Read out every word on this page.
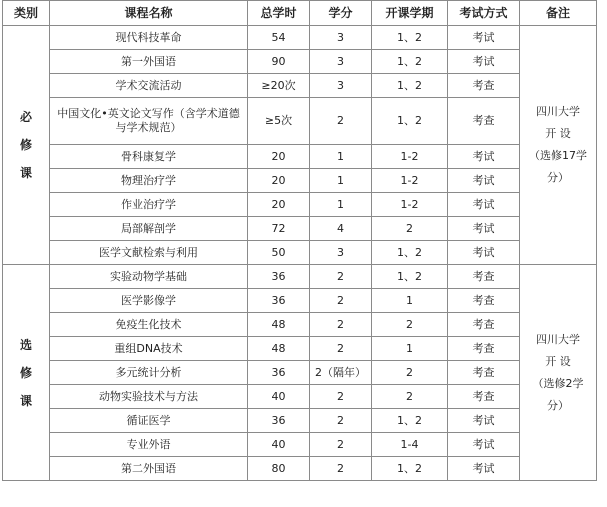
类别	课程名称	总学时	学分	开课学期	考试方式	备注

必
修
课	现代科技革命	54	3	1、2	考试	四川大学
开 设
（选修17学
分）

	第一外国语	90	3	1、2	考试	
	学术交流活动	≥20次	3	1、2	考查	
	中国文化•英文论文写作（含学术道德与学术规范）	≥5次	2	1、2	考查	
	骨科康复学	20	1	1-2	考试	
	物理治疗学	20	1	1-2	考试	
	作业治疗学	20	1	1-2	考试	
	局部解剖学	72	4	2	考试	
	医学文献检索与利用	50	3	1、2	考试	

选
修
课	实验动物学基础	36	2	1、2	考查	四川大学
开 设
（选修2学
分）

	医学影像学	36	2	1	考查	
	免疫生化技术	48	2	2	考查	
	重组DNA技术	48	2	1	考查	
	多元统计分析	36	2（隔年）	2	考查	
	动物实验技术与方法	40	2	2	考查	
	循证医学	36	2	1、2	考试	
	专业外语	40	2	1-4	考试	
	第二外国语	80	2	1、2	考试	
